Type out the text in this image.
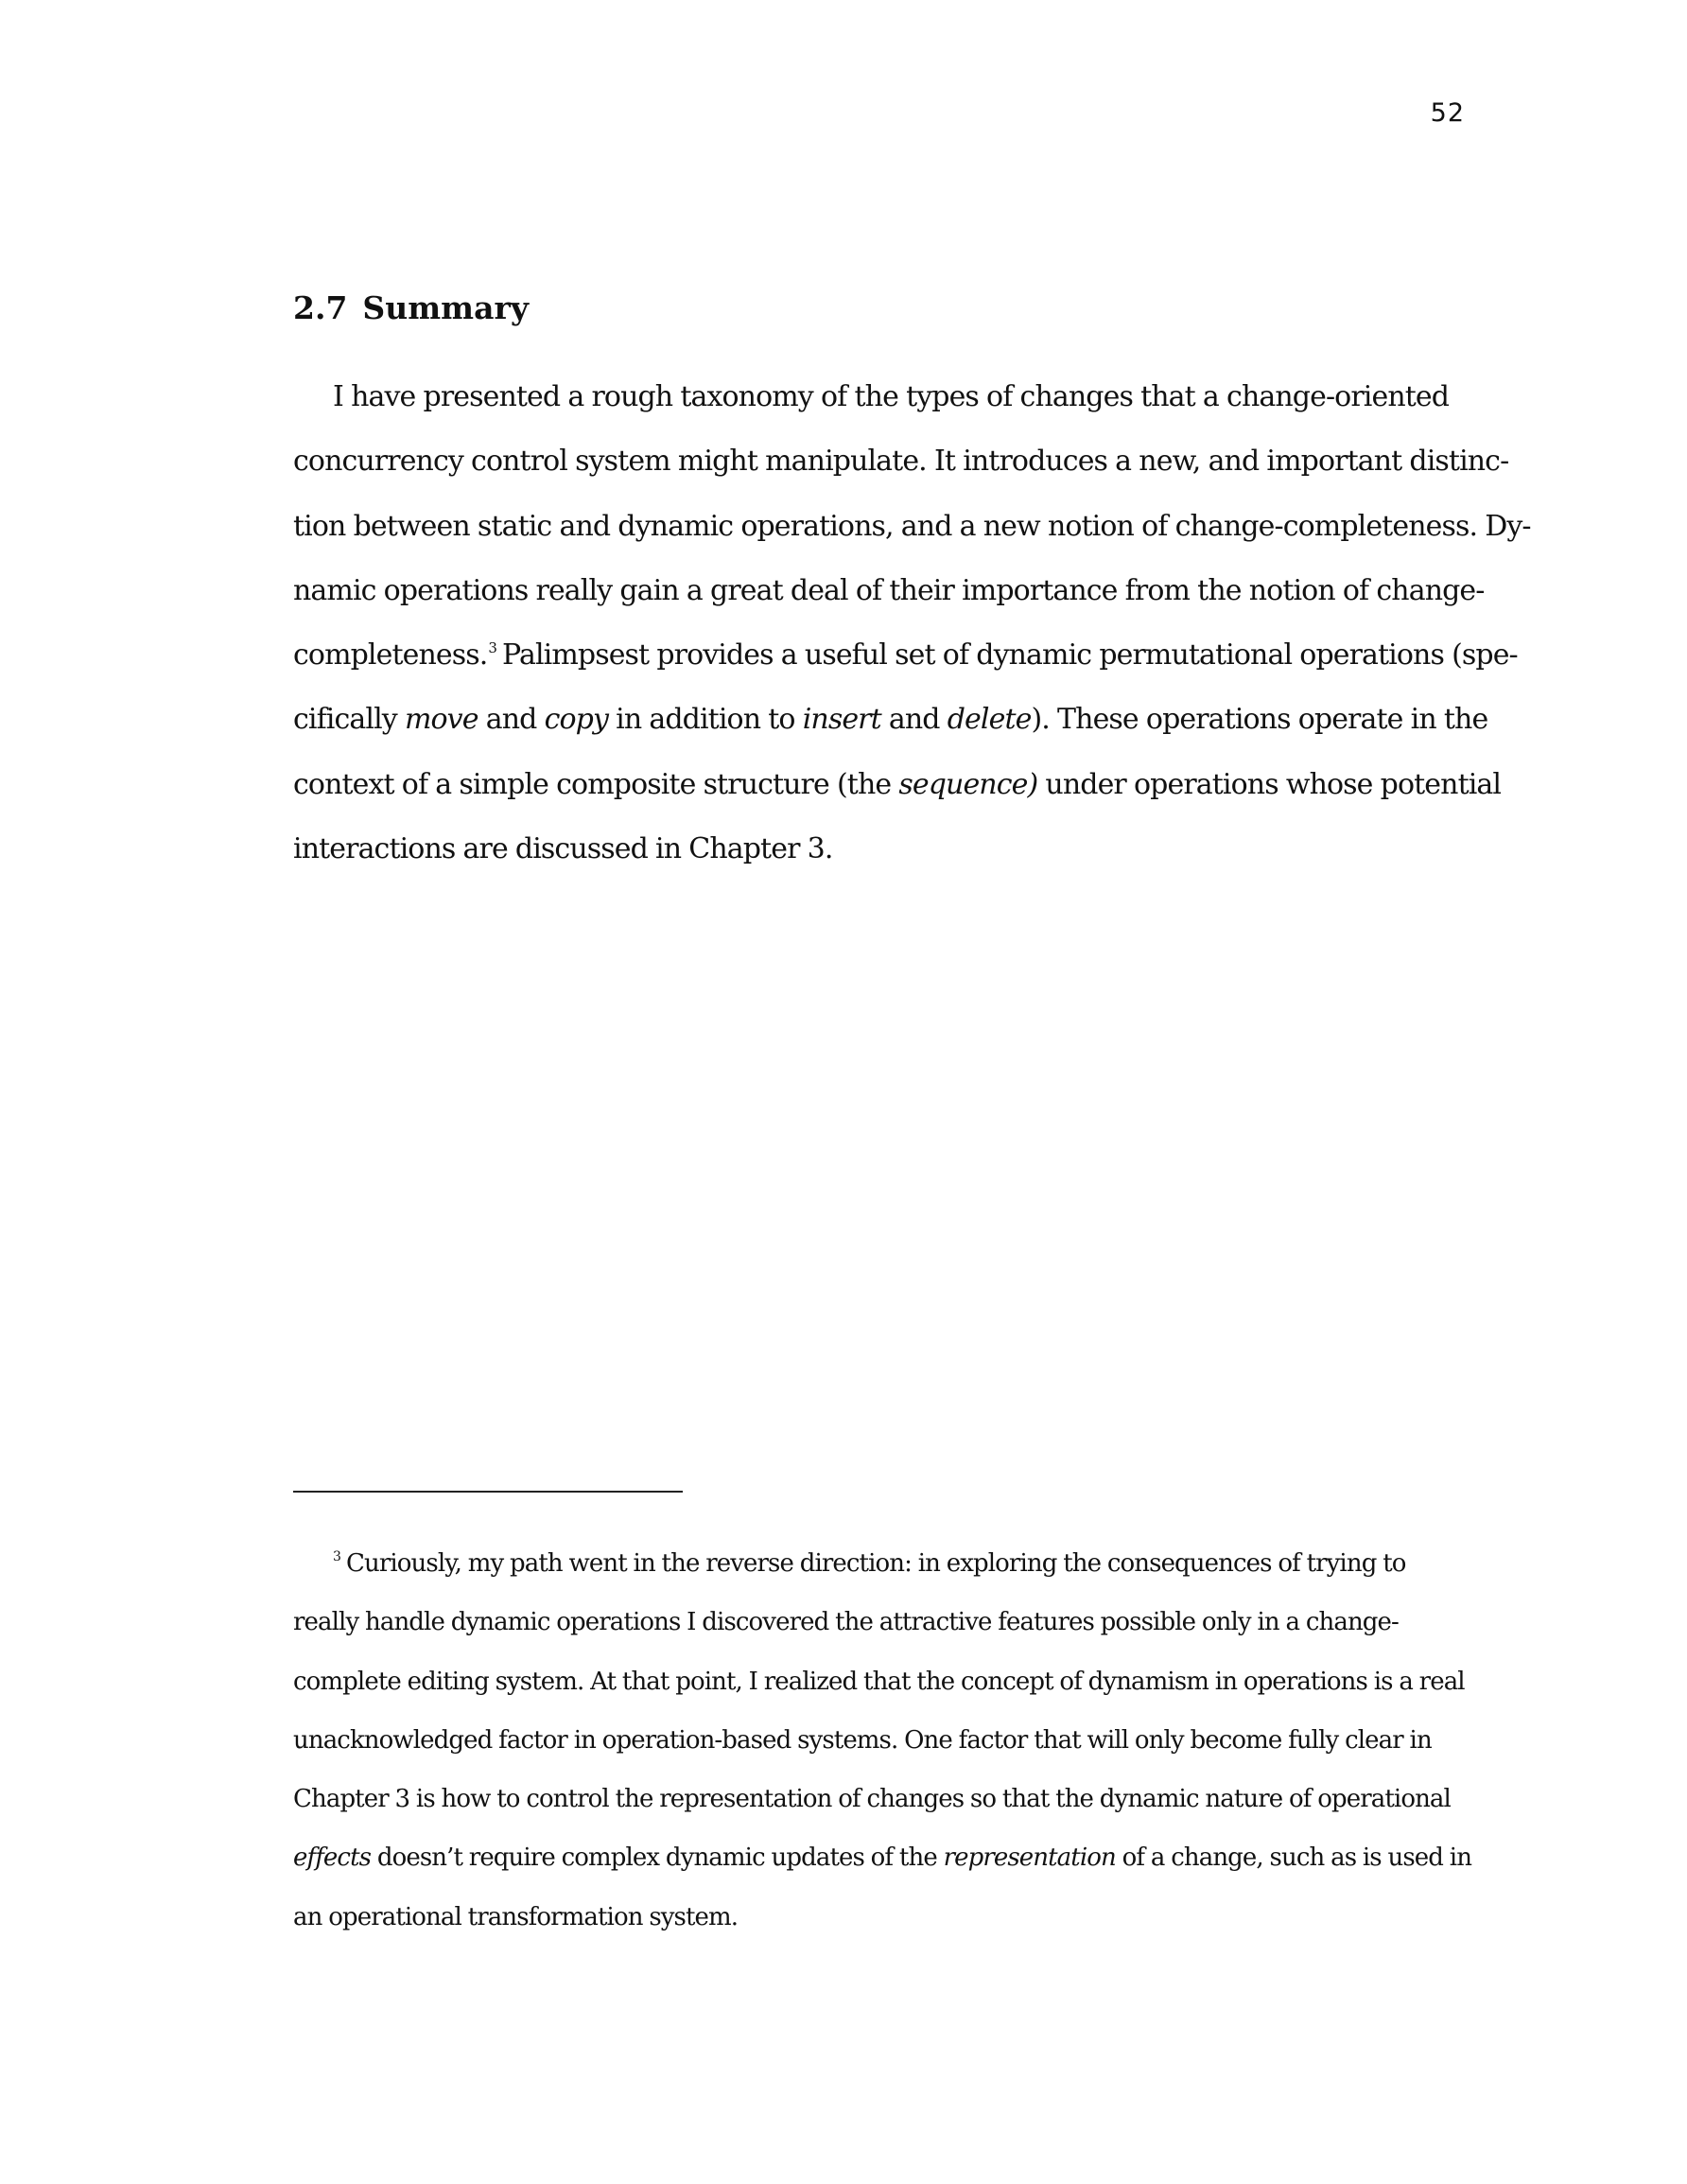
52
2.7 Summary

I have presented a rough taxonomy of the types of changes that a change-oriented
concurrency control system might manipulate. It introduces a new, and important distinc-
tion between static and dynamic operations, and a new notion of change-completeness. Dy-
namic operations really gain a great deal of their importance from the notion of change-
completeness.$^3$ Palimpsest provides a useful set of dynamic permutational operations (spe-
cifically move and copy in addition to insert and delete). These operations operate in the
context of a simple composite structure (the sequence) under operations whose potential
interactions are discussed in Chapter 3.

$^3$ Curiously, my path went in the reverse direction: in exploring the consequences of trying to
really handle dynamic operations I discovered the attractive features possible only in a change-
complete editing system. At that point, I realized that the concept of dynamism in operations is a real
unacknowledged factor in operation-based systems. One factor that will only become fully clear in
Chapter 3 is how to control the representation of changes so that the dynamic nature of operational
effects doesn’t require complex dynamic updates of the representation of a change, such as is used in
an operational transformation system.
